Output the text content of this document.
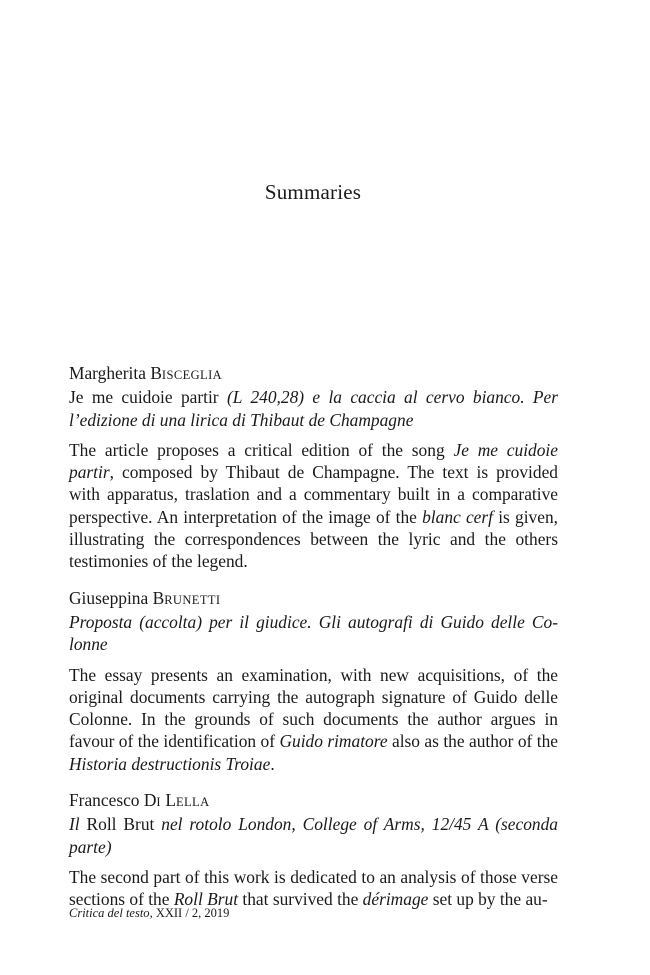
Summaries

Margherita BISCEGLIA

Je me cuidoie partir (L 240,28) e la caccia al cervo bianco. Per l’edizione di una lirica di Thibaut de Champagne

The article proposes a critical edition of the song Je me cuidoie partir, composed by Thibaut de Champagne. The text is provided with apparatus, traslation and a commentary built in a comparative perspective. An interpretation of the image of the blanc cerf is given, illustrating the correspondences between the lyric and the others testimonies of the legend.

Giuseppina BRUNETTI

Proposta (accolta) per il giudice. Gli autografi di Guido delle Colonne

The essay presents an examination, with new acquisitions, of the original documents carrying the autograph signature of Guido delle Colonne. In the grounds of such documents the author argues in favour of the identification of Guido rimatore also as the author of the Historia destructionis Troiae.

Francesco DI LELLA

Il Roll Brut nel rotolo London, College of Arms, 12/45 A (seconda parte)

The second part of this work is dedicated to an analysis of those verse sections of the Roll Brut that survived the dérimage set up by the au-

Critica del testo, XXII / 2, 2019
